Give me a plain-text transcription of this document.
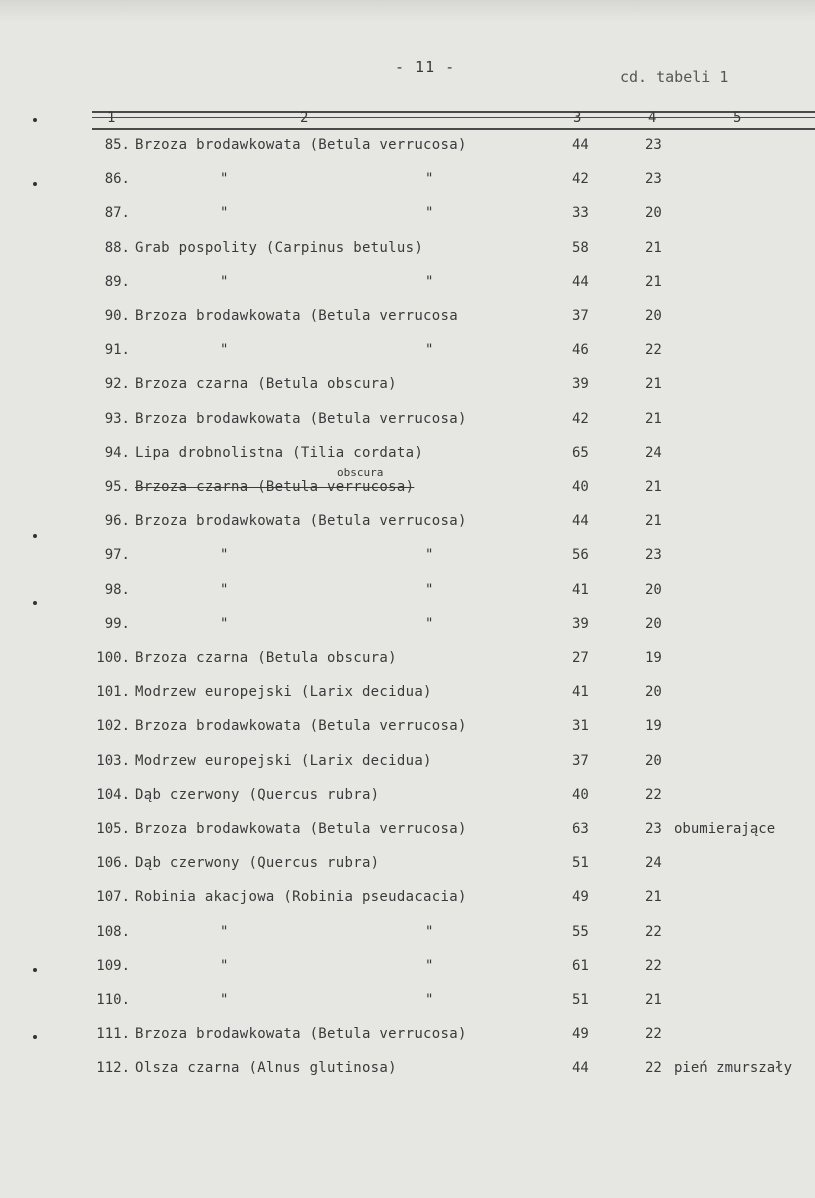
- 11 -
cd. tabeli 1
1	2	3	4	5
85. Brzoza brodawkowata (Betula verrucosa)	44	23
86.	"	"	42	23
87.	"	"	33	20
88. Grab pospolity (Carpinus betulus)	58	21
89.	"	"	44	21
90. Brzoza brodawkowata (Betula verrucosa	37	20
91.	"	"	46	22
92. Brzoza czarna (Betula obscura)	39	21
93. Brzoza brodawkowata (Betula verrucosa)	42	21
94. Lipa drobnolistna (Tilia cordata)	65	24
95. Brzoza czarna (Betula verrucosa)	40	21
obscura
96. Brzoza brodawkowata (Betula verrucosa)	44	21
97.	"	"	56	23
98.	"	"	41	20
99.	"	"	39	20
100. Brzoza czarna (Betula obscura)	27	19
101. Modrzew europejski (Larix decidua)	41	20
102. Brzoza brodawkowata (Betula verrucosa)	31	19
103. Modrzew europejski (Larix decidua)	37	20
104. Dąb czerwony (Quercus rubra)	40	22
105. Brzoza brodawkowata (Betula verrucosa)	63	23 obumierające
106. Dąb czerwony (Quercus rubra)	51	24
107. Robinia akacjowa (Robinia pseudacacia)	49	21
108.	"	"	55	22
109.	"	"	61	22
110.	"	"	51	21
111. Brzoza brodawkowata (Betula verrucosa)	49	22
112. Olsza czarna (Alnus glutinosa)	44	22 pień zmurszały
